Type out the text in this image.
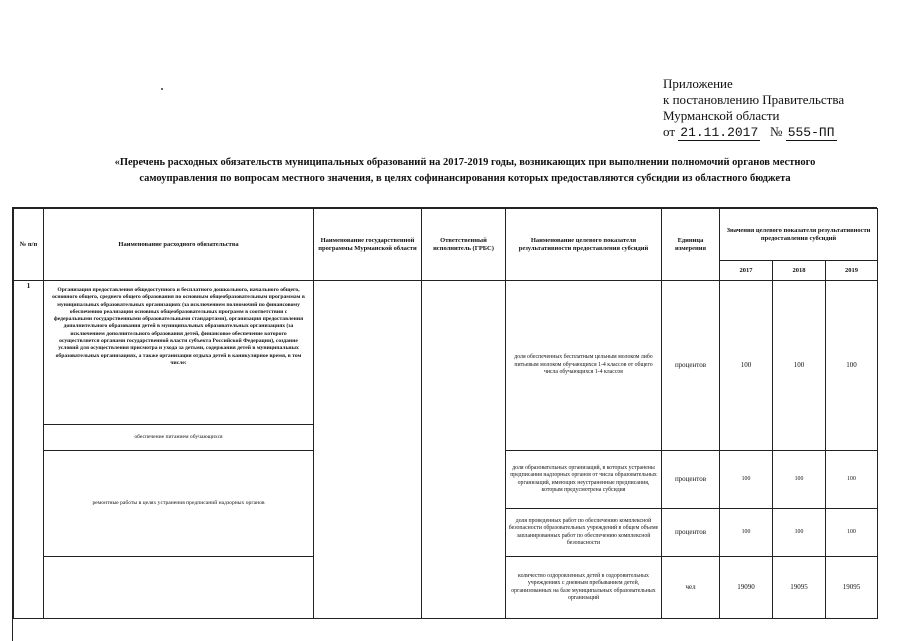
Приложение
к постановлению Правительства
Мурманской области
от 21.11.2017 № 555-ПП
«Перечень расходных обязательств муниципальных образований на 2017-2019 годы, возникающих при выполнении полномочий органов местного
самоуправления по вопросам местного значения, в целях софинансирования которых предоставляются субсидии из областного бюджета
№ п/п	Наименование расходного обязательства	Наименование государственной программы Мурманской области	Ответственный исполнитель (ГРБС)	Наименование целевого показателя результативности предоставления субсидий	Единица измерения	Значения целевого показателя результативности предоставления субсидий		
						2017	2018	2019
1	Организация предоставления общедоступного и бесплатного дошкольного, начального общего, основного общего, среднего общего образования по основным общеобразовательным программам в муниципальных образовательных организациях (за исключением полномочий по финансовому обеспечению реализации основных общеобразовательных программ в соответствии с федеральными государственными образовательными стандартами), организация предоставления дополнительного образования детей в муниципальных образовательных организациях (за исключением дополнительного образования детей, финансовое обеспечение которого осуществляется органами государственной власти субъекта Российской Федерации), создание условий для осуществления присмотра и ухода за детьми, содержания детей в муниципальных образовательных организациях, а также организация отдыха детей в каникулярное время, в том числе:			доля обеспеченных бесплатным цельным молоком либо питьевым молоком обучающихся 1-4 классов от общего числа обучающихся 1-4 классов	процентов	100	100	100
	обеспечение питанием обучающихся							
	ремонтные работы в целях устранения предписаний надзорных органов			доля образовательных организаций, в которых устранены предписания надзорных органов от числа образовательных организаций, имеющих неустраненные предписания, которым предусмотрена субсидия	процентов	100	100	100
				доля проведенных работ по обеспечению комплексной безопасности образовательных учреждений в общем объеме запланированных работ по обеспечению комплексной безопасности	процентов	100	100	100
				количество оздоровленных детей в оздоровительных учреждениях с дневным пребыванием детей, организованных на базе муниципальных образовательных организаций	чел	19090	19095	19095
